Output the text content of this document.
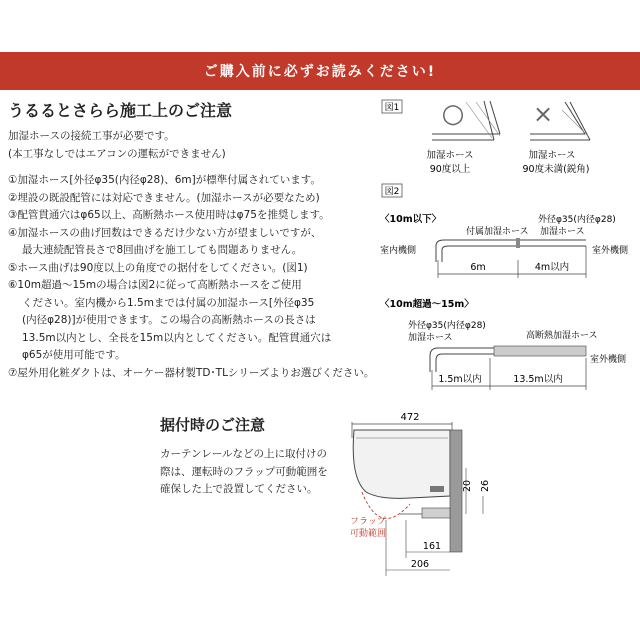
ご購入前に必ずお読みください!
うるるとさらら施工上のご注意
加湿ホースの接続工事が必要です。
(本工事なしではエアコンの運転ができません)
①加湿ホース[外径φ35(内径φ28)、6m]が標準付属されています。
②埋設の既設配管には対応できません。(加湿ホースが必要なため)
③配管貫通穴はφ65以上、高断熱ホース使用時はφ75を推奨します。
④加湿ホースの曲げ回数はできるだけ少ない方が望ましいですが、
最大連続配管長さで8回曲げを施工しても問題ありません。
⑤ホース曲げは90度以上の角度での据付をしてください。(図1)
⑥10m超過～15mの場合は図2に従って高断熱ホースをご使用
ください。室内機から1.5mまでは付属の加湿ホース[外径φ35
(内径φ28)]が使用できます。この場合の高断熱ホースの長さは
13.5m以内とし、全長を15m以内としてください。配管貫通穴は
φ65が使用可能です。
⑦屋外用化粧ダクトは、オーケー器材製TD･TLシリーズよりお選びください。
図1 ○
加湿ホース
90度以上
×
加湿ホース
90度未満(鋭角)
図2
〈10m以下〉
付属加湿ホース
外径φ35(内径φ28)
加湿ホース
室内機側	室外機側
6m	4m以内
〈10m超過～15m〉
外径φ35(内径φ28)
加湿ホース	高断熱加湿ホース
室外機側
1.5m以内	13.5m以内
据付時のご注意
カーテンレールなどの上に取付けの
際は、運転時のフラップ可動範囲を
確保した上で設置してください。
472
20 26
161
206
フラップ
可動範囲
